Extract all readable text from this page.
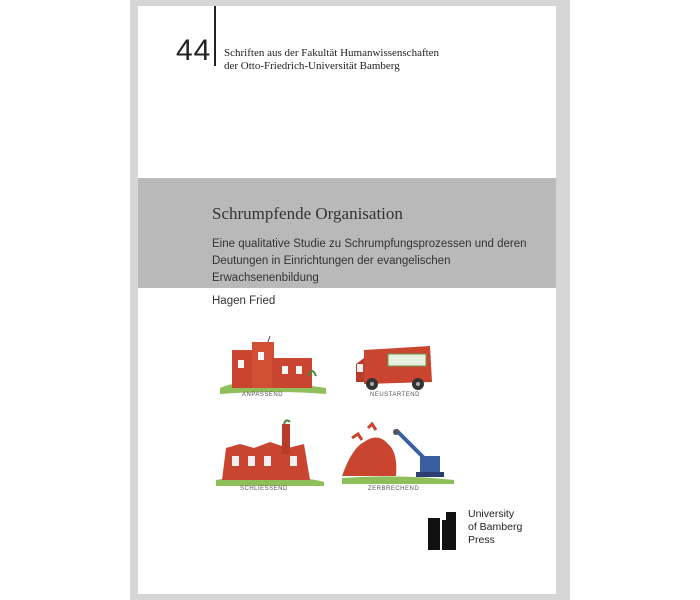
44 Schriften aus der Fakultät Humanwissenschaften
der Otto-Friedrich-Universität Bamberg
Schrumpfende Organisation
Eine qualitative Studie zu Schrumpfungsprozessen und deren
Deutungen in Einrichtungen der evangelischen Erwachsenenbildung
Hagen Fried
ANPASSEND	NEUSTARTEND
SCHLIESSEND	ZERBRECHEND
University
of Bamberg
Press
